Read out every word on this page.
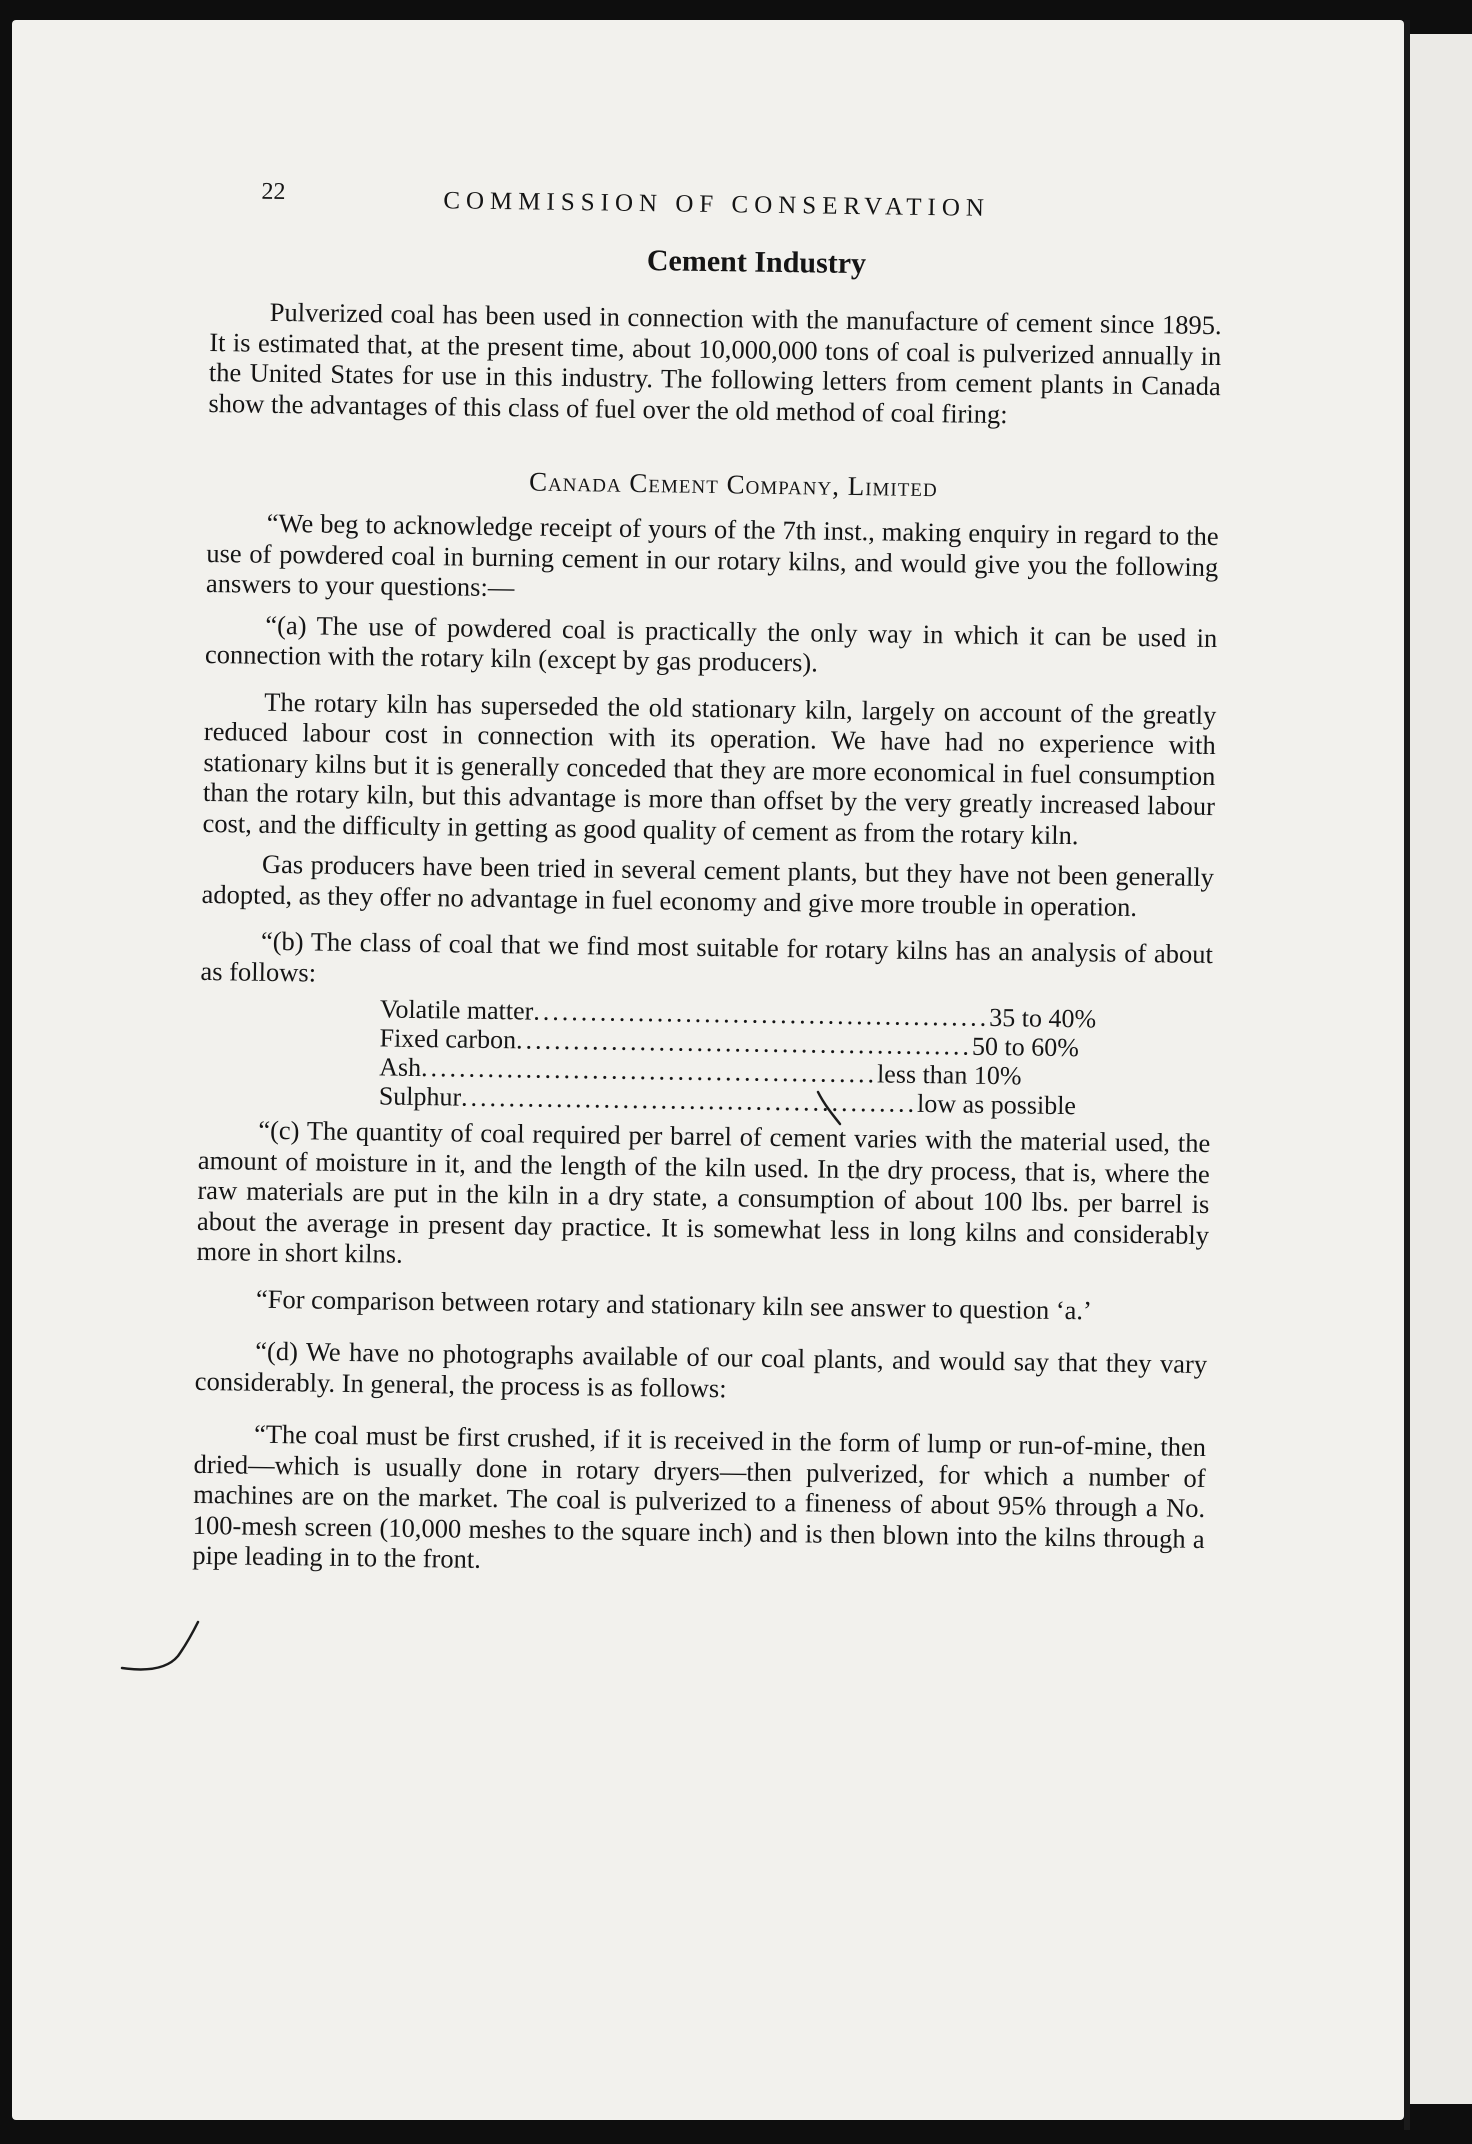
22	COMMISSION OF CONSERVATION
Cement Industry

Pulverized coal has been used in connection with the manufacture of cement since 1895. It is estimated that, at the present time, about 10,000,000 tons of coal is pulverized annually in the United States for use in this industry. The following letters from cement plants in Canada show the advantages of this class of fuel over the old method of coal firing:

Canada Cement Company, Limited

“We beg to acknowledge receipt of yours of the 7th inst., making enquiry in regard to the use of powdered coal in burning cement in our rotary kilns, and would give you the following answers to your questions:—

“(a) The use of powdered coal is practically the only way in which it can be used in connection with the rotary kiln (except by gas producers).

The rotary kiln has superseded the old stationary kiln, largely on account of the greatly reduced labour cost in connection with its operation. We have had no experience with stationary kilns but it is generally conceded that they are more economical in fuel consumption than the rotary kiln, but this advantage is more than offset by the very greatly increased labour cost, and the difficulty in getting as good quality of cement as from the rotary kiln.

Gas producers have been tried in several cement plants, but they have not been generally adopted, as they offer no advantage in fuel economy and give more trouble in operation.

“(b) The class of coal that we find most suitable for rotary kilns has an analysis of about as follows:

Volatile matter ................................................ 35 to 40%
Fixed carbon ................................................ 50 to 60%
Ash ................................................ less than 10%
Sulphur ................................................ low as possible

“(c) The quantity of coal required per barrel of cement varies with the material used, the amount of moisture in it, and the length of the kiln used. In the dry process, that is, where the raw materials are put in the kiln in a dry state, a consumption of about 100 lbs. per barrel is about the average in present day practice. It is somewhat less in long kilns and considerably more in short kilns.

“For comparison between rotary and stationary kiln see answer to question ‘a.’

“(d) We have no photographs available of our coal plants, and would say that they vary considerably. In general, the process is as follows:

“The coal must be first crushed, if it is received in the form of lump or run-of-mine, then dried—which is usually done in rotary dryers—then pulverized, for which a number of machines are on the market. The coal is pulverized to a fineness of about 95% through a No. 100-mesh screen (10,000 meshes to the square inch) and is then blown into the kilns through a pipe leading in to the front.
